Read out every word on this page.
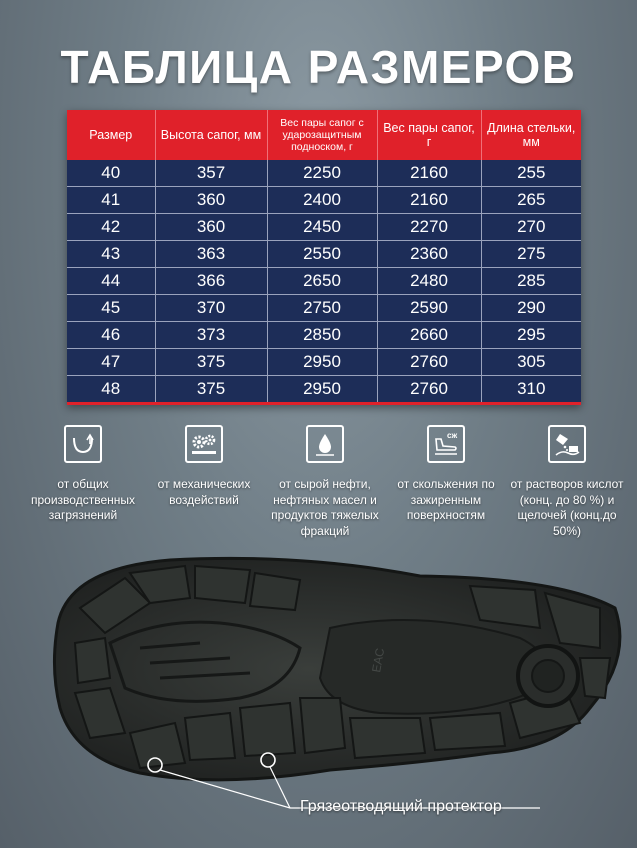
ТАБЛИЦА РАЗМЕРОВ
Размер	Высота сапог, мм	Вес пары сапог с ударозащитным подноском, г	Вес пары сапог, г	Длина стельки, мм
40	357	2250	2160	255
41	360	2400	2160	265
42	360	2450	2270	270
43	363	2550	2360	275
44	366	2650	2480	285
45	370	2750	2590	290
46	373	2850	2660	295
47	375	2950	2760	305
48	375	2950	2760	310
от общих производственных загрязнений
от механических воздействий
от сырой нефти, нефтяных масел и продуктов тяжелых фракций
сж
от скольжения по зажиренным поверхностям
от растворов кислот (конц. до 80 %) и щелочей (конц.до 50%)
ЕАС
Грязеотводящий протектор
